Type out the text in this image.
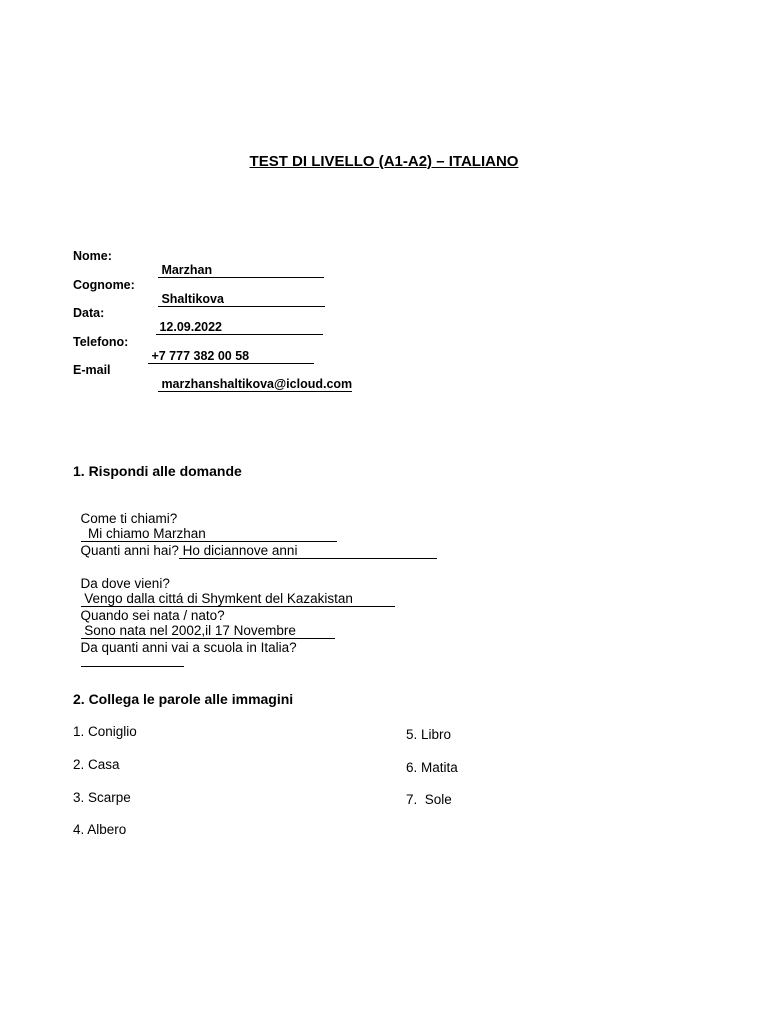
TEST DI LIVELLO (A1-A2) – ITALIANO
Nome:

Marzhan

Cognome:

Shaltikova

Data:

12.09.2022

Telefono:

+7 777 382 00 58

E-mail

marzhanshaltikova@icloud.com

1. Rispondi alle domande

Come ti chiami?
Mi chiamo Marzhan

Quanti anni hai? Ho diciannove anni

Da dove vieni?
Vengo dalla cittá di Shymkent del Kazakistan

Quando sei nata / nato?
Sono nata nel 2002,il 17 Novembre

Da quanti anni vai a scuola in Italia?

2. Collega le parole alle immagini
1. Coniglio
2. Casa
3. Scarpe
4. Albero
5. Libro
6. Matita
7.  Sole
